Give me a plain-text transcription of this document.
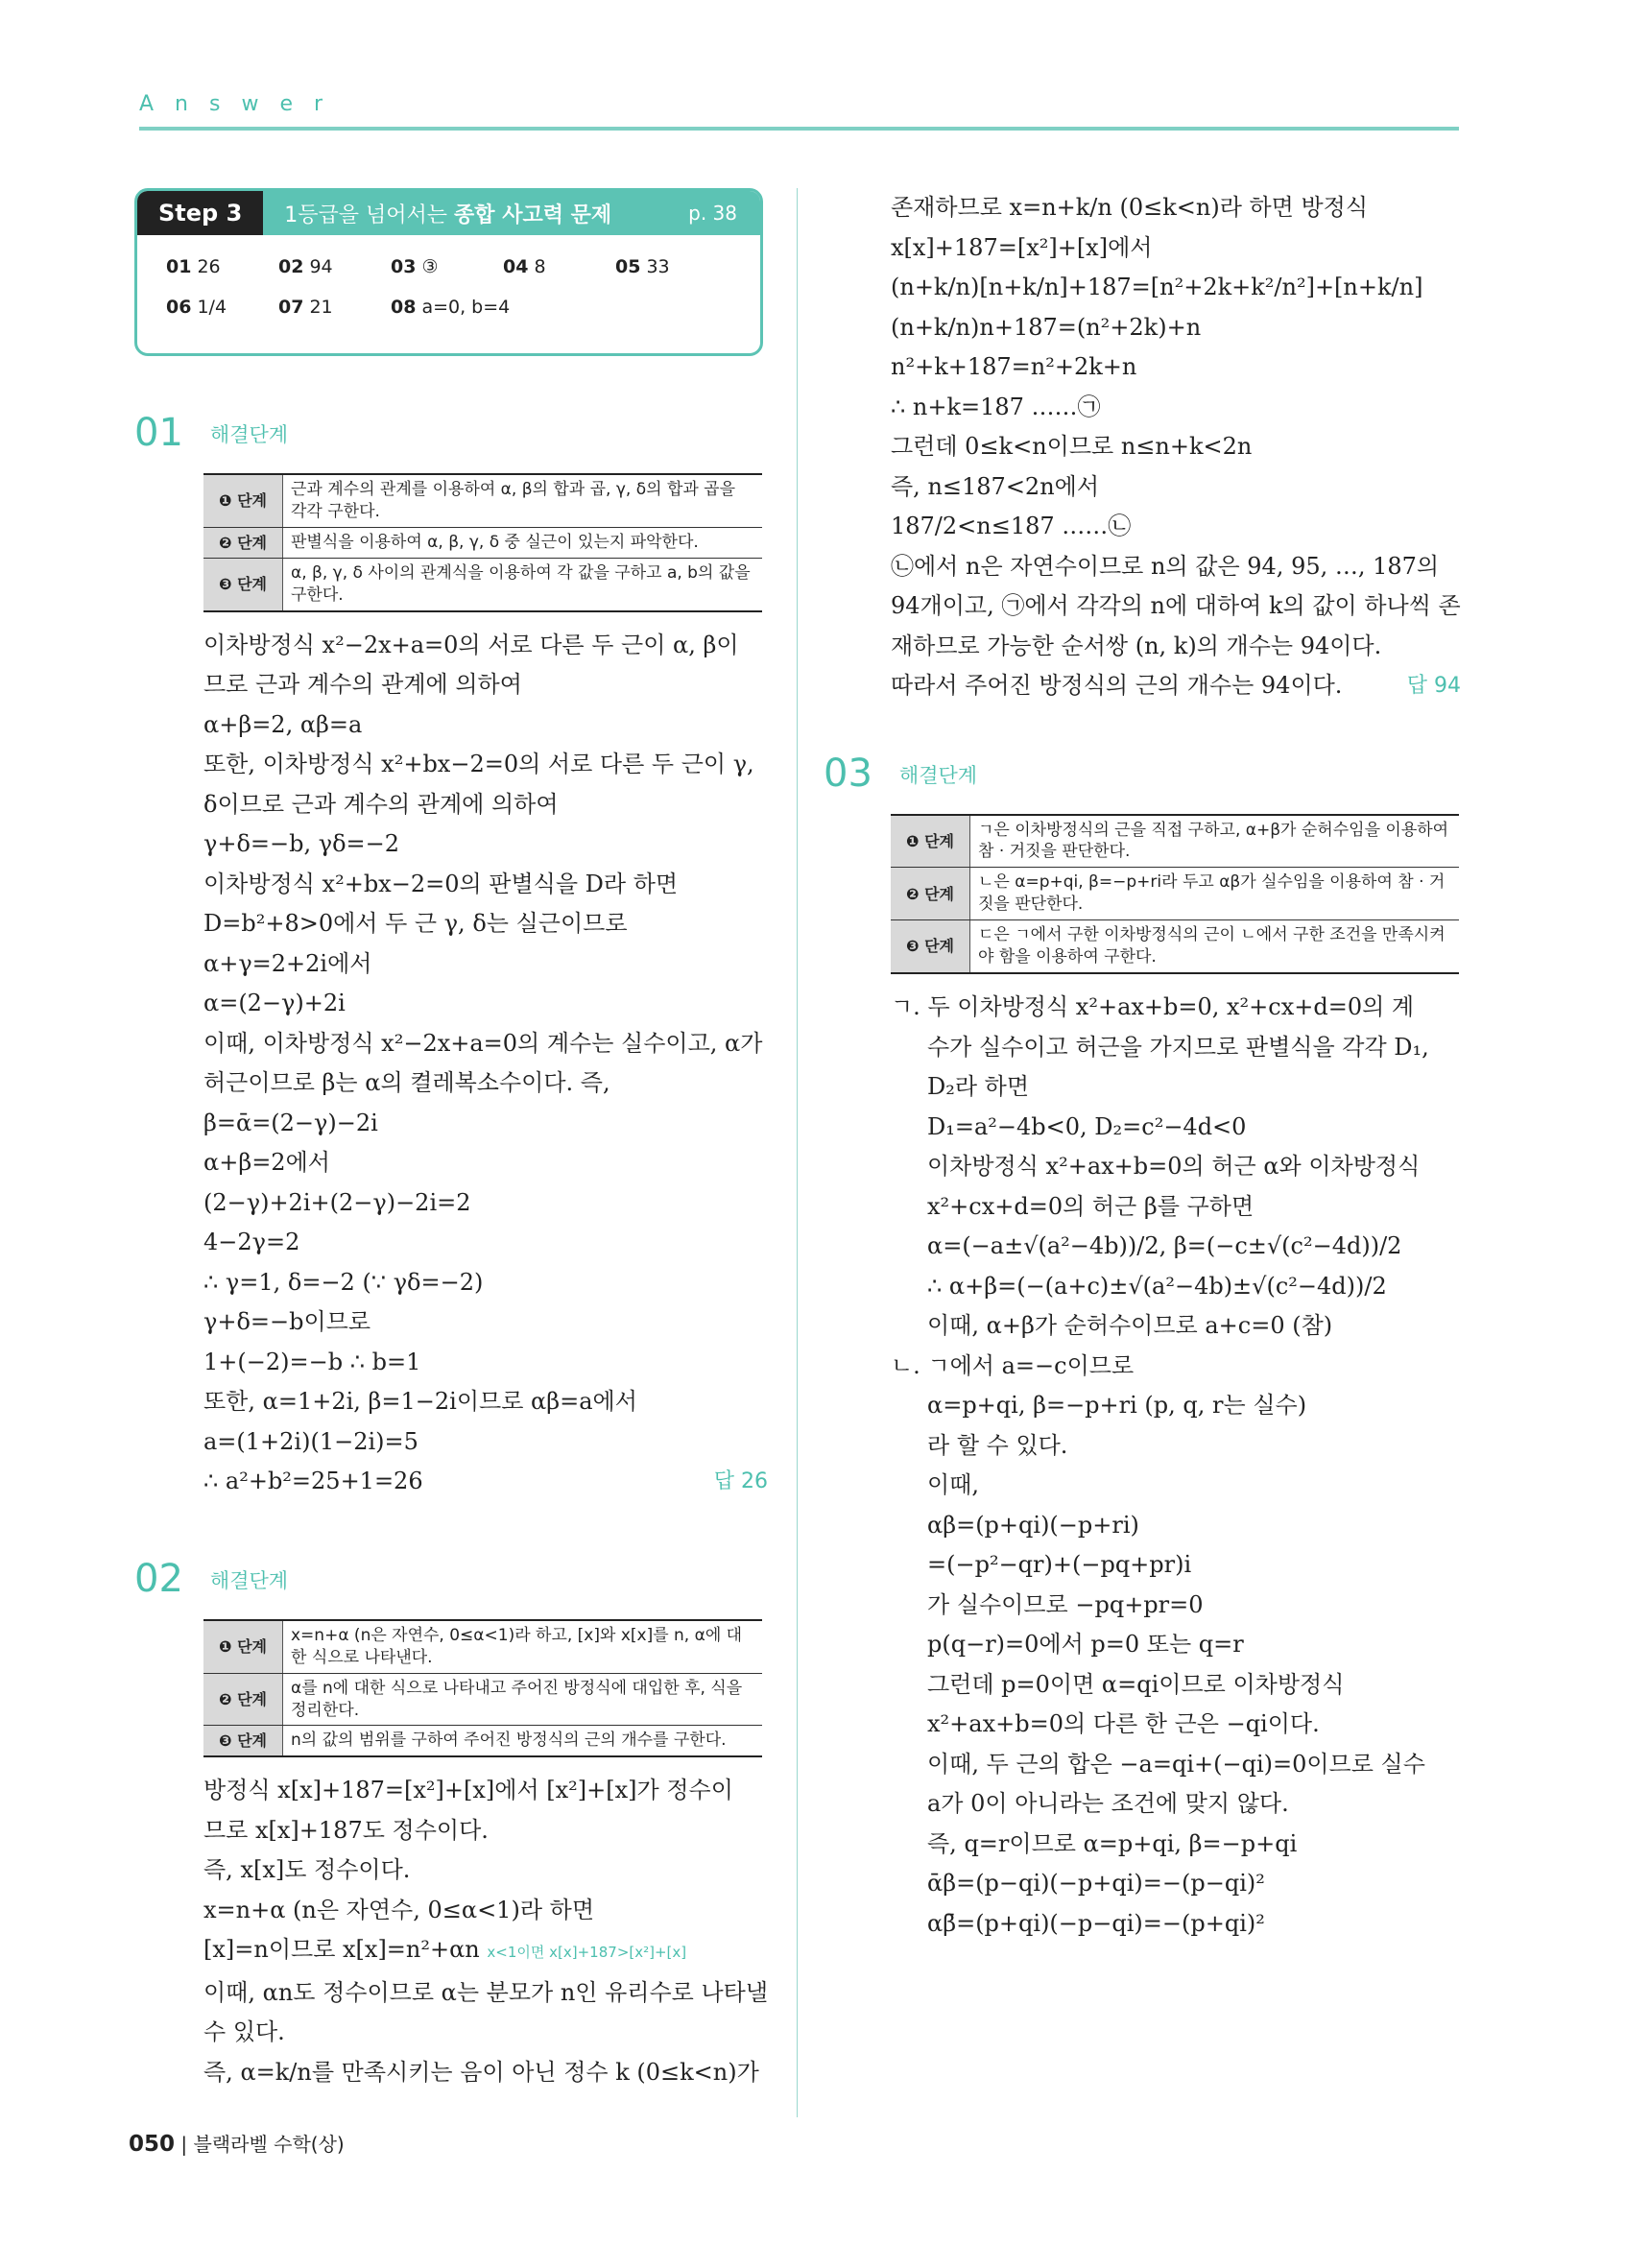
Answer
Step 3	1등급을 넘어서는 종합 사고력 문제	p. 38
01 26	02 94	03 ③	04 8	05 33
06 1/4	07 21	08 a=0, b=4
01 해결단계
❶ 단계	근과 계수의 관계를 이용하여 α, β의 합과 곱, γ, δ의 합과 곱을 각각 구한다.
❷ 단계	판별식을 이용하여 α, β, γ, δ 중 실근이 있는지 파악한다.
❸ 단계	α, β, γ, δ 사이의 관계식을 이용하여 각 값을 구하고 a, b의 값을 구한다.
이차방정식 x²−2x+a=0의 서로 다른 두 근이 α, β이
므로 근과 계수의 관계에 의하여
α+β=2, αβ=a
또한, 이차방정식 x²+bx−2=0의 서로 다른 두 근이 γ,
δ이므로 근과 계수의 관계에 의하여
γ+δ=−b, γδ=−2
이차방정식 x²+bx−2=0의 판별식을 D라 하면
D=b²+8>0에서 두 근 γ, δ는 실근이므로
α+γ=2+2i에서
α=(2−γ)+2i
이때, 이차방정식 x²−2x+a=0의 계수는 실수이고, α가
허근이므로 β는 α의 켤레복소수이다. 즉,
β=ᾱ=(2−γ)−2i
α+β=2에서
(2−γ)+2i+(2−γ)−2i=2
4−2γ=2
∴ γ=1, δ=−2 (∵ γδ=−2)
γ+δ=−b이므로
1+(−2)=−b ∴ b=1
또한, α=1+2i, β=1−2i이므로 αβ=a에서
a=(1+2i)(1−2i)=5
∴ a²+b²=25+1=26	답 26
02 해결단계
❶ 단계	x=n+α (n은 자연수, 0≤α<1)라 하고, [x]와 x[x]를 n, α에 대한 식으로 나타낸다.
❷ 단계	α를 n에 대한 식으로 나타내고 주어진 방정식에 대입한 후, 식을 정리한다.
❸ 단계	n의 값의 범위를 구하여 주어진 방정식의 근의 개수를 구한다.
방정식 x[x]+187=[x²]+[x]에서 [x²]+[x]가 정수이
므로 x[x]+187도 정수이다.
즉, x[x]도 정수이다.
x=n+α (n은 자연수, 0≤α<1)라 하면
[x]=n이므로 x[x]=n²+αn x<1이면 x[x]+187>[x²]+[x]
이때, αn도 정수이므로 α는 분모가 n인 유리수로 나타낼
수 있다.
즉, α=k/n를 만족시키는 음이 아닌 정수 k (0≤k<n)가
존재하므로 x=n+k/n (0≤k<n)라 하면 방정식
x[x]+187=[x²]+[x]에서
(n+k/n)[n+k/n]+187=[n²+2k+k²/n²]+[n+k/n]
(n+k/n)n+187=(n²+2k)+n
n²+k+187=n²+2k+n
∴ n+k=187 ……㉠
그런데 0≤k<n이므로 n≤n+k<2n
즉, n≤187<2n에서
187/2<n≤187 ……㉡
㉡에서 n은 자연수이므로 n의 값은 94, 95, …, 187의
94개이고, ㉠에서 각각의 n에 대하여 k의 값이 하나씩 존
재하므로 가능한 순서쌍 (n, k)의 개수는 94이다.
따라서 주어진 방정식의 근의 개수는 94이다.	답 94
03 해결단계
❶ 단계	ㄱ은 이차방정식의 근을 직접 구하고, α+β가 순허수임을 이용하여 참 · 거짓을 판단한다.
❷ 단계	ㄴ은 α=p+qi, β=−p+ri라 두고 αβ가 실수임을 이용하여 참 · 거짓을 판단한다.
❸ 단계	ㄷ은 ㄱ에서 구한 이차방정식의 근이 ㄴ에서 구한 조건을 만족시켜야 함을 이용하여 구한다.
ㄱ. 두 이차방정식 x²+ax+b=0, x²+cx+d=0의 계
수가 실수이고 허근을 가지므로 판별식을 각각 D₁,
D₂라 하면
D₁=a²−4b<0, D₂=c²−4d<0
이차방정식 x²+ax+b=0의 허근 α와 이차방정식
x²+cx+d=0의 허근 β를 구하면
α=(−a±√(a²−4b))/2, β=(−c±√(c²−4d))/2
∴ α+β=(−(a+c)±√(a²−4b)±√(c²−4d))/2
이때, α+β가 순허수이므로 a+c=0 (참)
ㄴ. ㄱ에서 a=−c이므로
α=p+qi, β=−p+ri (p, q, r는 실수)
라 할 수 있다.
이때,
αβ=(p+qi)(−p+ri)
=(−p²−qr)+(−pq+pr)i
가 실수이므로 −pq+pr=0
p(q−r)=0에서 p=0 또는 q=r
그런데 p=0이면 α=qi이므로 이차방정식
x²+ax+b=0의 다른 한 근은 −qi이다.
이때, 두 근의 합은 −a=qi+(−qi)=0이므로 실수
a가 0이 아니라는 조건에 맞지 않다.
즉, q=r이므로 α=p+qi, β=−p+qi
ᾱβ=(p−qi)(−p+qi)=−(p−qi)²
αβ̄=(p+qi)(−p−qi)=−(p+qi)²
050 | 블랙라벨 수학(상)
